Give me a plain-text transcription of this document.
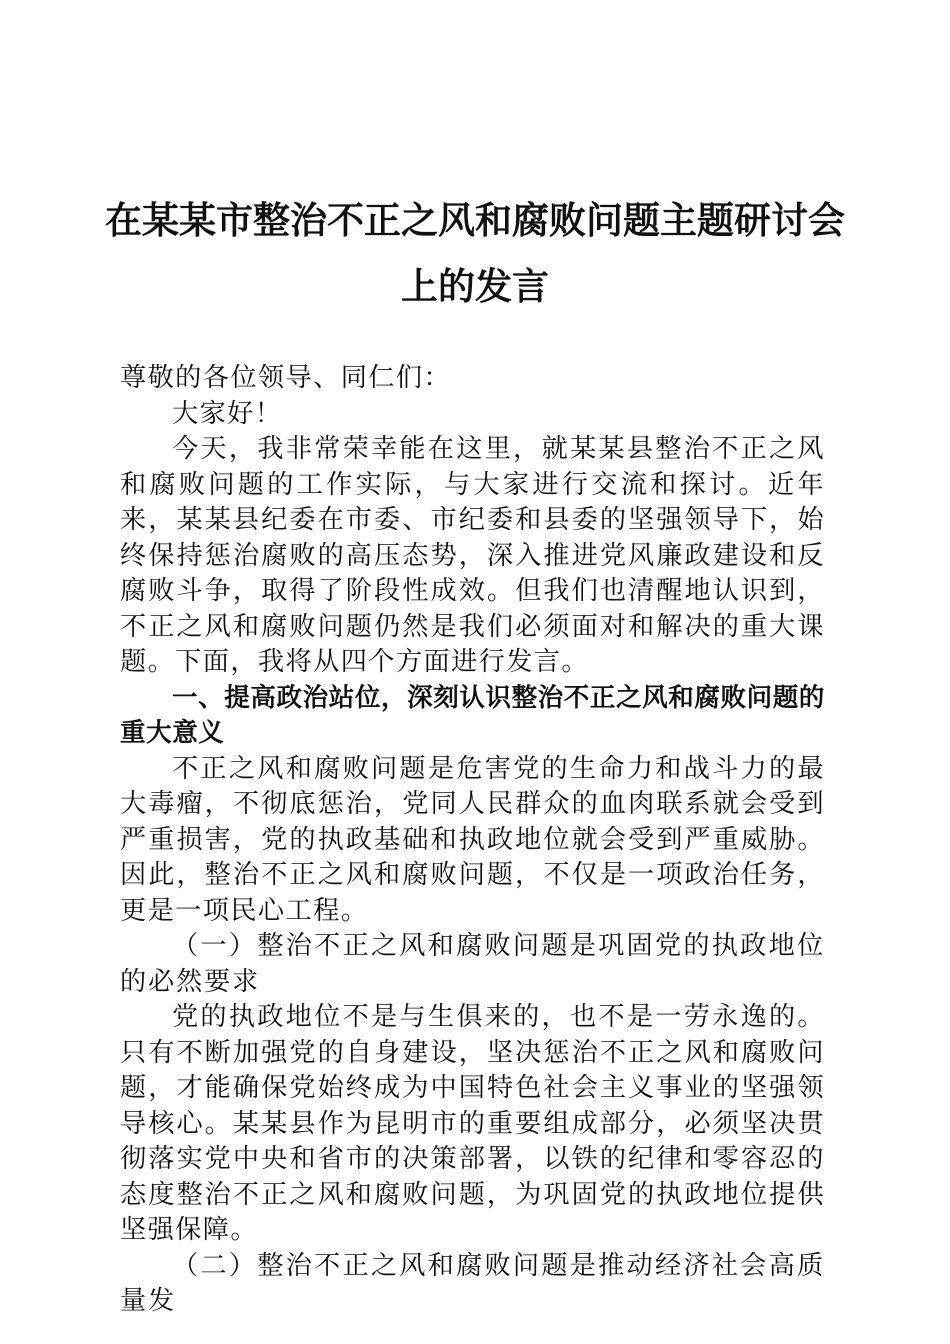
在某某市整治不正之风和腐败问题主题研讨会
上的发言

尊敬的各位领导、同仁们：

大家好！

今天，我非常荣幸能在这里，就某某县整治不正之风和腐败问题的工作实际，与大家进行交流和探讨。近年来，某某县纪委在市委、市纪委和县委的坚强领导下，始终保持惩治腐败的高压态势，深入推进党风廉政建设和反腐败斗争，取得了阶段性成效。但我们也清醒地认识到，不正之风和腐败问题仍然是我们必须面对和解决的重大课题。下面，我将从四个方面进行发言。

一、提高政治站位，深刻认识整治不正之风和腐败问题的重大意义

不正之风和腐败问题是危害党的生命力和战斗力的最大毒瘤，不彻底惩治，党同人民群众的血肉联系就会受到严重损害，党的执政基础和执政地位就会受到严重威胁。因此，整治不正之风和腐败问题，不仅是一项政治任务，更是一项民心工程。

（一）整治不正之风和腐败问题是巩固党的执政地位的必然要求

党的执政地位不是与生俱来的，也不是一劳永逸的。只有不断加强党的自身建设，坚决惩治不正之风和腐败问题，才能确保党始终成为中国特色社会主义事业的坚强领导核心。某某县作为昆明市的重要组成部分，必须坚决贯彻落实党中央和省市的决策部署，以铁的纪律和零容忍的态度整治不正之风和腐败问题，为巩固党的执政地位提供坚强保障。

（二）整治不正之风和腐败问题是推动经济社会高质量发
